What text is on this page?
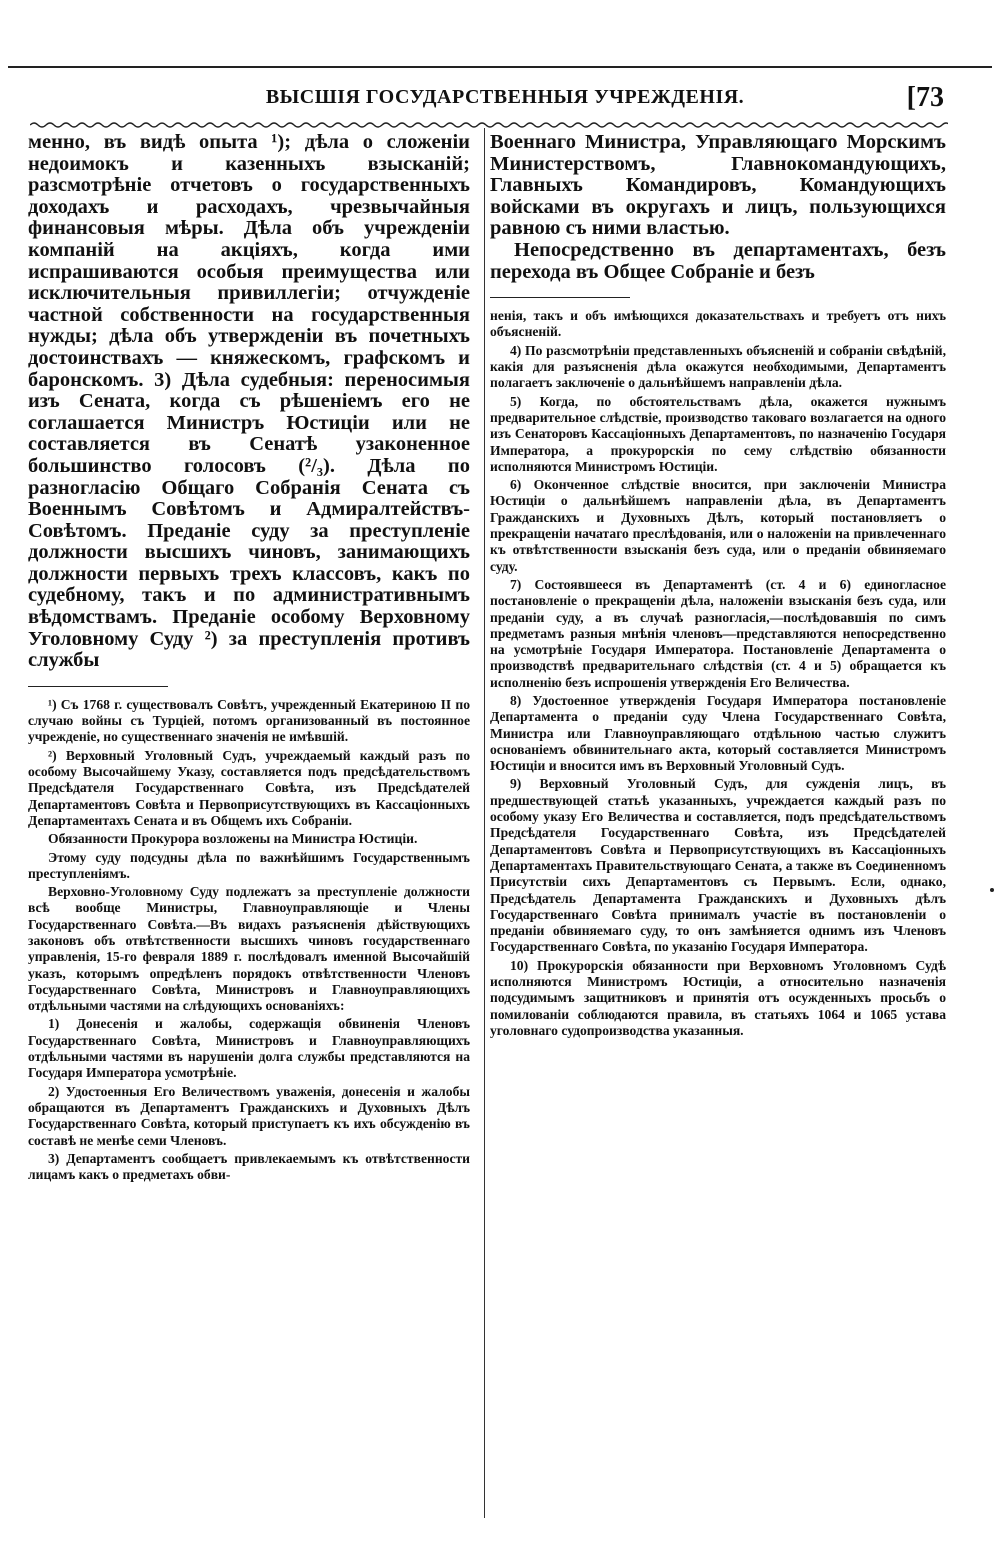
ВЫСШІЯ ГОСУДАРСТВЕННЫЯ УЧРЕЖДЕНІЯ.	[73

менно, въ видѣ опыта ¹); дѣла о сложеніи недоимокъ и казенныхъ взысканій; разсмотрѣніе отчетовъ о государственныхъ доходахъ и расходахъ, чрезвычайныя финансовыя мѣры. Дѣла объ учрежденіи компаній на акціяхъ, когда ими испрашиваются особыя преимущества или исключительныя привиллегіи; отчужденіе частной собственности на государственныя нужды; дѣла объ утвержденіи въ почетныхъ достоинствахъ — княжескомъ, графскомъ и баронскомъ. 3) Дѣла судебныя: переносимыя изъ Сената, когда съ рѣшеніемъ его не соглашается Министръ Юстиціи или не составляется въ Сенатѣ узаконенное большинство голосовъ (²/₃). Дѣла по разногласію Общаго Собранія Сената съ Военнымъ Совѣтомъ и Адмиралтействъ-Совѣтомъ. Преданіе суду за преступленіе должности высшихъ чиновъ, занимающихъ должности первыхъ трехъ классовъ, какъ по судебному, такъ и по административнымъ вѣдомствамъ. Преданіе особому Верховному Уголовному Суду ²) за преступленія противъ службы

¹) Съ 1768 г. существовалъ Совѣтъ, учрежденный Екатериною II по случаю войны съ Турціей, потомъ организованный въ постоянное учрежденіе, но существеннаго значенія не имѣвшій.

²) Верховный Уголовный Судъ, учреждаемый каждый разъ по особому Высочайшему Указу, составляется подъ предсѣдательствомъ Предсѣдателя Государственнаго Совѣта, изъ Предсѣдателей Департаментовъ Совѣта и Первоприсутствующихъ въ Кассаціонныхъ Департаментахъ Сената и въ Общемъ ихъ Собраніи.

Обязанности Прокурора возложены на Министра Юстиціи.

Этому суду подсудны дѣла по важнѣйшимъ Государственнымъ преступленіямъ.

Верховно-Уголовному Суду подлежатъ за преступленіе должности всѣ вообще Министры, Главноуправляющіе и Члены Государственнаго Совѣта.—Въ видахъ разъясненія дѣйствующихъ законовъ объ отвѣтственности высшихъ чиновъ государственнаго управленія, 15-го февраля 1889 г. послѣдовалъ именной Высочайшій указъ, которымъ опредѣленъ порядокъ отвѣтственности Членовъ Государственнаго Совѣта, Министровъ и Главноуправляющихъ отдѣльными частями на слѣдующихъ основаніяхъ:

1) Донесенія и жалобы, содержащія обвиненія Членовъ Государственнаго Совѣта, Министровъ и Главноуправляющихъ отдѣльными частями въ нарушеніи долга службы представляются на Государя Императора усмотрѣніе.

2) Удостоенныя Его Величествомъ уваженія, донесенія и жалобы обращаются въ Департаментъ Гражданскихъ и Духовныхъ Дѣлъ Государственнаго Совѣта, который приступаетъ къ ихъ обсужденію въ составѣ не менѣе семи Членовъ.

3) Департаментъ сообщаетъ привлекаемымъ къ отвѣтственности лицамъ какъ о предметахъ обви-

Военнаго Министра, Управляющаго Морскимъ Министерствомъ, Главнокомандующихъ, Главныхъ Командировъ, Командующихъ войсками въ округахъ и лицъ, пользующихся равною съ ними властью.

Непосредственно въ департаментахъ, безъ перехода въ Общее Собраніе и безъ

ненія, такъ и объ имѣющихся доказательствахъ и требуетъ отъ нихъ объясненій.

4) По разсмотрѣніи представленныхъ объясненій и собраніи свѣдѣній, какія для разъясненія дѣла окажутся необходимыми, Департаментъ полагаетъ заключеніе о дальнѣйшемъ направленіи дѣла.

5) Когда, по обстоятельствамъ дѣла, окажется нужнымъ предварительное слѣдствіе, производство таковаго возлагается на одного изъ Сенаторовъ Кассаціонныхъ Департаментовъ, по назначенію Государя Императора, а прокурорскія по сему слѣдствію обязанности исполняются Министромъ Юстиціи.

6) Оконченное слѣдствіе вносится, при заключеніи Министра Юстиціи о дальнѣйшемъ направленіи дѣла, въ Департаментъ Гражданскихъ и Духовныхъ Дѣлъ, который постановляетъ о прекращеніи начатаго преслѣдованія, или о наложеніи на привлеченнаго къ отвѣтственности взысканія безъ суда, или о преданіи обвиняемаго суду.

7) Состоявшееся въ Департаментѣ (ст. 4 и 6) единогласное постановленіе о прекращеніи дѣла, наложеніи взысканія безъ суда, или преданіи суду, а въ случаѣ разногласія,—послѣдовавшія по симъ предметамъ разныя мнѣнія членовъ—представляются непосредственно на усмотрѣніе Государя Императора. Постановленіе Департамента о производствѣ предварительнаго слѣдствія (ст. 4 и 5) обращается къ исполненію безъ испрошенія утвержденія Его Величества.

8) Удостоенное утвержденія Государя Императора постановленіе Департамента о преданіи суду Члена Государственнаго Совѣта, Министра или Главноуправляющаго отдѣльною частью служитъ основаніемъ обвинительнаго акта, который составляется Министромъ Юстиціи и вносится имъ въ Верховный Уголовный Судъ.

9) Верховный Уголовный Судъ, для сужденія лицъ, въ предшествующей статьѣ указанныхъ, учреждается каждый разъ по особому указу Его Величества и составляется, подъ предсѣдательствомъ Предсѣдателя Государственнаго Совѣта, изъ Предсѣдателей Департаментовъ Совѣта и Первоприсутствующихъ въ Кассаціонныхъ Департаментахъ Правительствующаго Сената, а также въ Соединенномъ Присутствіи сихъ Департаментовъ съ Первымъ. Если, однако, Предсѣдатель Департамента Гражданскихъ и Духовныхъ дѣлъ Государственнаго Совѣта принималъ участіе въ постановленіи о преданіи обвиняемаго суду, то онъ замѣняется однимъ изъ Членовъ Государственнаго Совѣта, по указанію Государя Императора.

10) Прокурорскія обязанности при Верховномъ Уголовномъ Судѣ исполняются Министромъ Юстиціи, а относительно назначенія подсудимымъ защитниковъ и принятія отъ осужденныхъ просьбъ о помилованіи соблюдаются правила, въ статьяхъ 1064 и 1065 устава уголовнаго судопроизводства указанныя.
